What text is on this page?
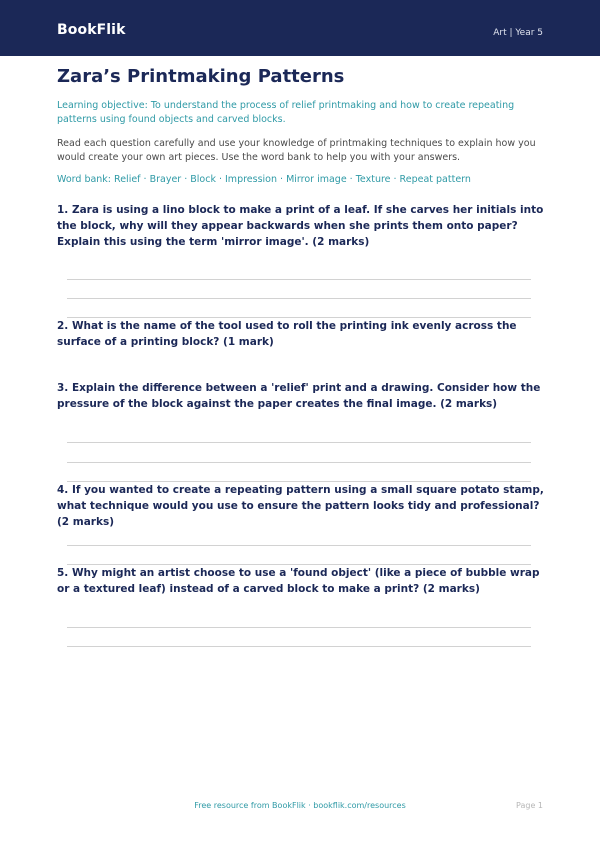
BookFlik	Art | Year 5
Zara’s Printmaking Patterns
Learning objective: To understand the process of relief printmaking and how to create repeating patterns using found objects and carved blocks.
Read each question carefully and use your knowledge of printmaking techniques to explain how you would create your own art pieces. Use the word bank to help you with your answers.
Word bank: Relief · Brayer · Block · Impression · Mirror image · Texture · Repeat pattern
1. Zara is using a lino block to make a print of a leaf. If she carves her initials into the block, why will they appear backwards when she prints them onto paper? Explain this using the term 'mirror image'. (2 marks)
2. What is the name of the tool used to roll the printing ink evenly across the surface of a printing block? (1 mark)
3. Explain the difference between a 'relief' print and a drawing. Consider how the pressure of the block against the paper creates the final image. (2 marks)
4. If you wanted to create a repeating pattern using a small square potato stamp, what technique would you use to ensure the pattern looks tidy and professional? (2 marks)
5. Why might an artist choose to use a 'found object' (like a piece of bubble wrap or a textured leaf) instead of a carved block to make a print? (2 marks)
Free resource from BookFlik · bookflik.com/resources	Page 1
